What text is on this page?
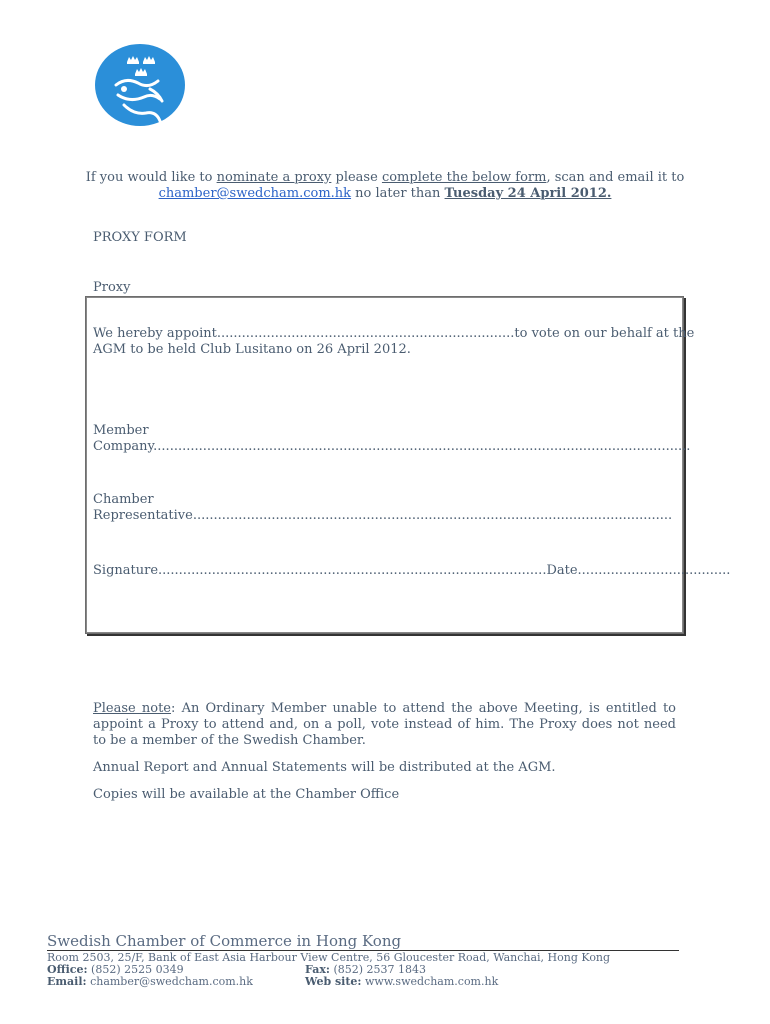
If you would like to nominate a proxy please complete the below form, scan and email it to
chamber@swedcham.com.hk no later than Tuesday 24 April 2012.
PROXY FORM
Proxy
We hereby appoint........................................................................to vote on our behalf at the
AGM to be held Club Lusitano on 26 April 2012.
Member
Company..................................................................................................................................
Chamber
Representative....................................................................................................................
Signature..............................................................................................Date.....................................
Please note: An Ordinary Member unable to attend the above Meeting, is entitled to appoint a Proxy to attend and, on a poll, vote instead of him. The Proxy does not need to be a member of the Swedish Chamber.
Annual Report and Annual Statements will be distributed at the AGM.
Copies will be available at the Chamber Office
Swedish Chamber of Commerce in Hong Kong
Room 2503, 25/F, Bank of East Asia Harbour View Centre, 56 Gloucester Road, Wanchai, Hong Kong
Office: (852) 2525 0349	Fax: (852) 2537 1843
Email: chamber@swedcham.com.hk	Web site: www.swedcham.com.hk
